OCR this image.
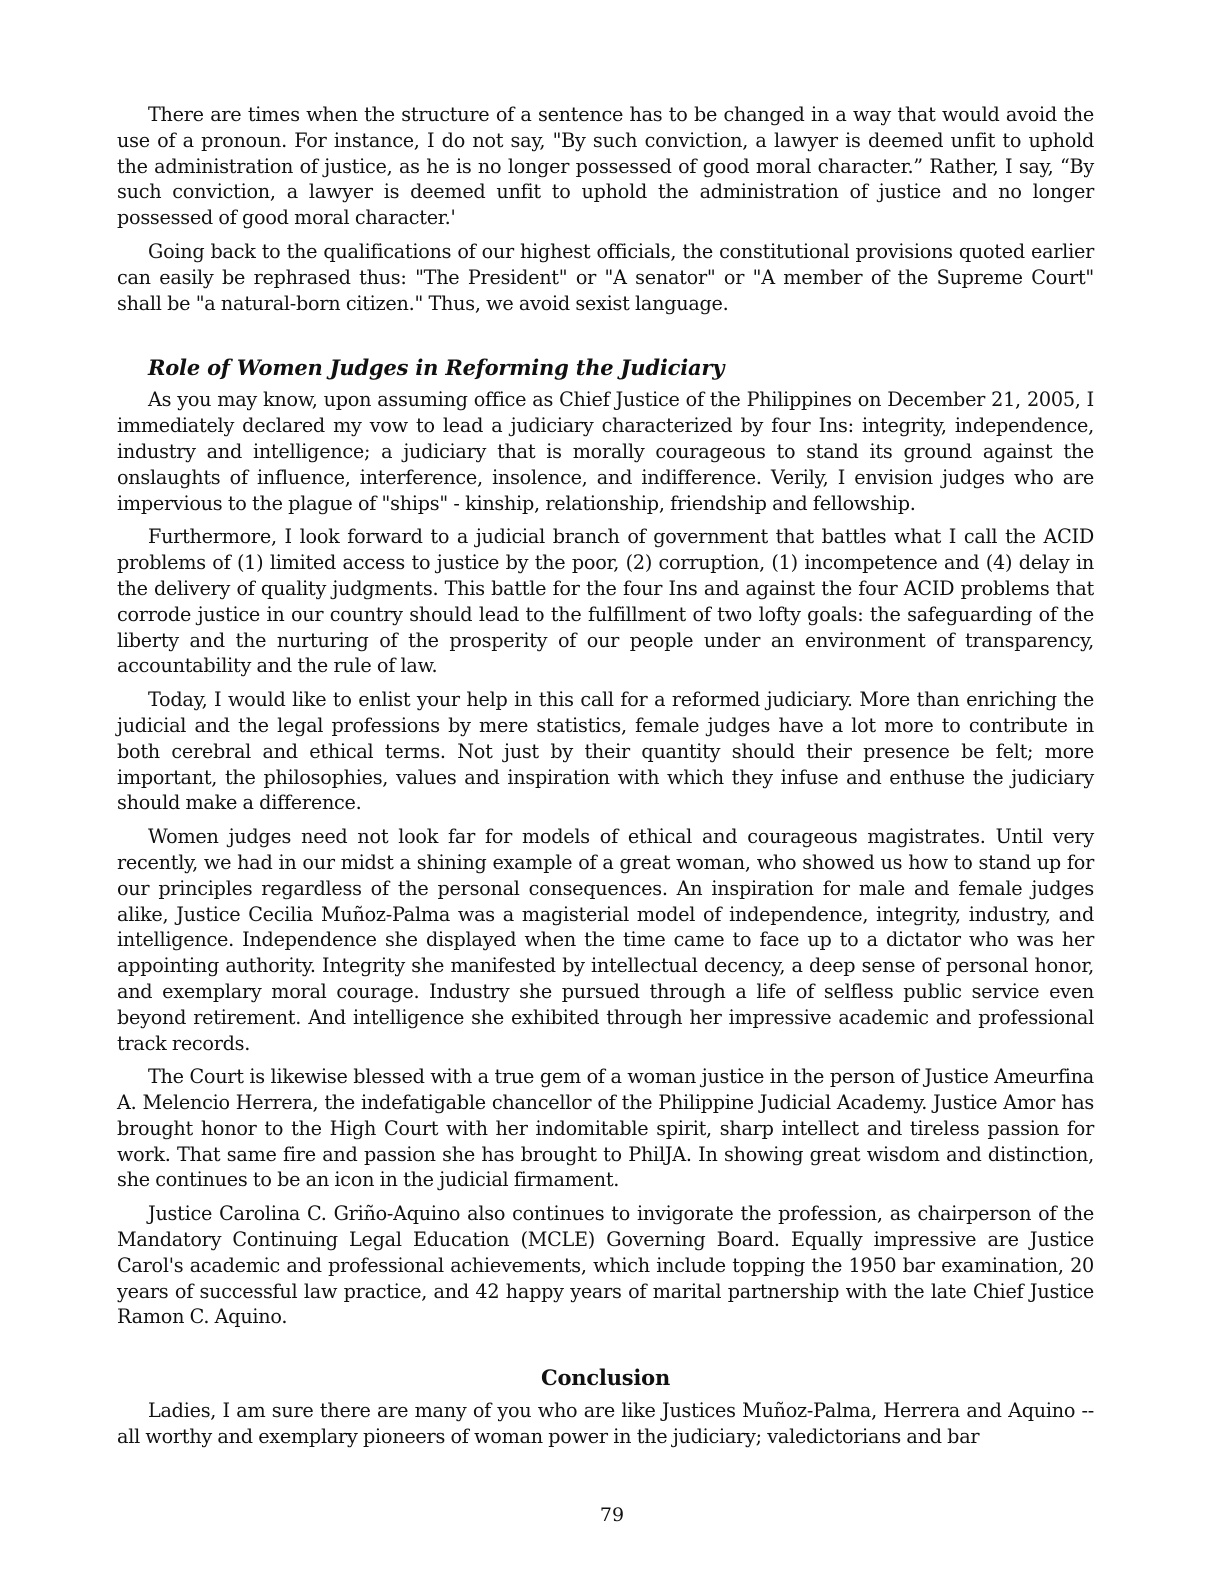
There are times when the structure of a sentence has to be changed in a way that would avoid the use of a pronoun. For instance, I do not say, "By such conviction, a lawyer is deemed unfit to uphold the administration of justice, as he is no longer possessed of good moral character.” Rather, I say, “By such conviction, a lawyer is deemed unfit to uphold the administration of justice and no longer possessed of good moral character.'

Going back to the qualifications of our highest officials, the constitutional provisions quoted earlier can easily be rephrased thus: "The President" or "A senator" or "A member of the Supreme Court" shall be "a natural-born citizen." Thus, we avoid sexist language.

Role of Women Judges in Reforming the Judiciary

As you may know, upon assuming office as Chief Justice of the Philippines on December 21, 2005, I immediately declared my vow to lead a judiciary characterized by four Ins: integrity, independence, industry and intelligence; a judiciary that is morally courageous to stand its ground against the onslaughts of influence, interference, insolence, and indifference. Verily, I envision judges who are impervious to the plague of "ships" - kinship, relationship, friendship and fellowship.

Furthermore, I look forward to a judicial branch of government that battles what I call the ACID problems of (1) limited access to justice by the poor, (2) corruption, (1) incompetence and (4) delay in the delivery of quality judgments. This battle for the four Ins and against the four ACID problems that corrode justice in our country should lead to the fulfillment of two lofty goals: the safeguarding of the liberty and the nurturing of the prosperity of our people under an environment of transparency, accountability and the rule of law.

Today, I would like to enlist your help in this call for a reformed judiciary. More than enriching the judicial and the legal professions by mere statistics, female judges have a lot more to contribute in both cerebral and ethical terms. Not just by their quantity should their presence be felt; more important, the philosophies, values and inspiration with which they infuse and enthuse the judiciary should make a difference.

Women judges need not look far for models of ethical and courageous magistrates. Until very recently, we had in our midst a shining example of a great woman, who showed us how to stand up for our principles regardless of the personal consequences. An inspiration for male and female judges alike, Justice Cecilia Muñoz-Palma was a magisterial model of independence, integrity, industry, and intelligence. Independence she displayed when the time came to face up to a dictator who was her appointing authority. Integrity she manifested by intellectual decency, a deep sense of personal honor, and exemplary moral courage. Industry she pursued through a life of selfless public service even beyond retirement. And intelligence she exhibited through her impressive academic and professional track records.

The Court is likewise blessed with a true gem of a woman justice in the person of Justice Ameurfina A. Melencio Herrera, the indefatigable chancellor of the Philippine Judicial Academy. Justice Amor has brought honor to the High Court with her indomitable spirit, sharp intellect and tireless passion for work. That same fire and passion she has brought to PhilJA. In showing great wisdom and distinction, she continues to be an icon in the judicial firmament.

Justice Carolina C. Griño-Aquino also continues to invigorate the profession, as chairperson of the Mandatory Continuing Legal Education (MCLE) Governing Board. Equally impressive are Justice Carol's academic and professional achievements, which include topping the 1950 bar examination, 20 years of successful law practice, and 42 happy years of marital partnership with the late Chief Justice Ramon C. Aquino.

Conclusion

Ladies, I am sure there are many of you who are like Justices Muñoz-Palma, Herrera and Aquino -- all worthy and exemplary pioneers of woman power in the judiciary; valedictorians and bar

79
